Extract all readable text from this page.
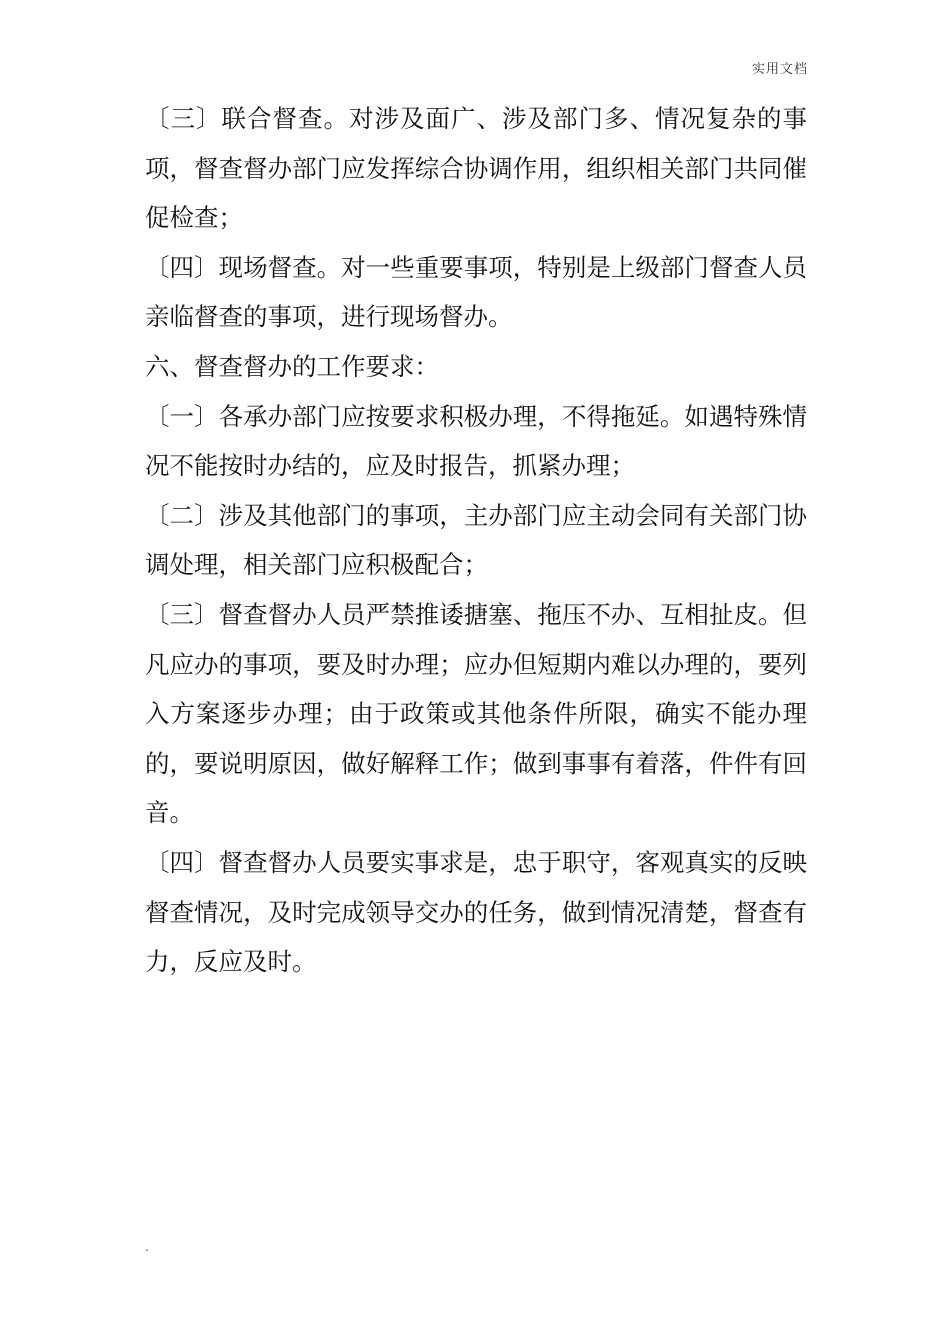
实用文档

〔三〕联合督查。对涉及面广、涉及部门多、情况复杂的事项，督查督办部门应发挥综合协调作用，组织相关部门共同催促检查；

〔四〕现场督查。对一些重要事项，特别是上级部门督查人员亲临督查的事项，进行现场督办。

六、督查督办的工作要求：

〔一〕各承办部门应按要求积极办理，不得拖延。如遇特殊情况不能按时办结的，应及时报告，抓紧办理；

〔二〕涉及其他部门的事项，主办部门应主动会同有关部门协调处理，相关部门应积极配合；

〔三〕督查督办人员严禁推诿搪塞、拖压不办、互相扯皮。但凡应办的事项，要及时办理；应办但短期内难以办理的，要列入方案逐步办理；由于政策或其他条件所限，确实不能办理的，要说明原因，做好解释工作；做到事事有着落，件件有回音。

〔四〕督查督办人员要实事求是，忠于职守，客观真实的反映督查情况，及时完成领导交办的任务，做到情况清楚，督查有力，反应及时。

.
